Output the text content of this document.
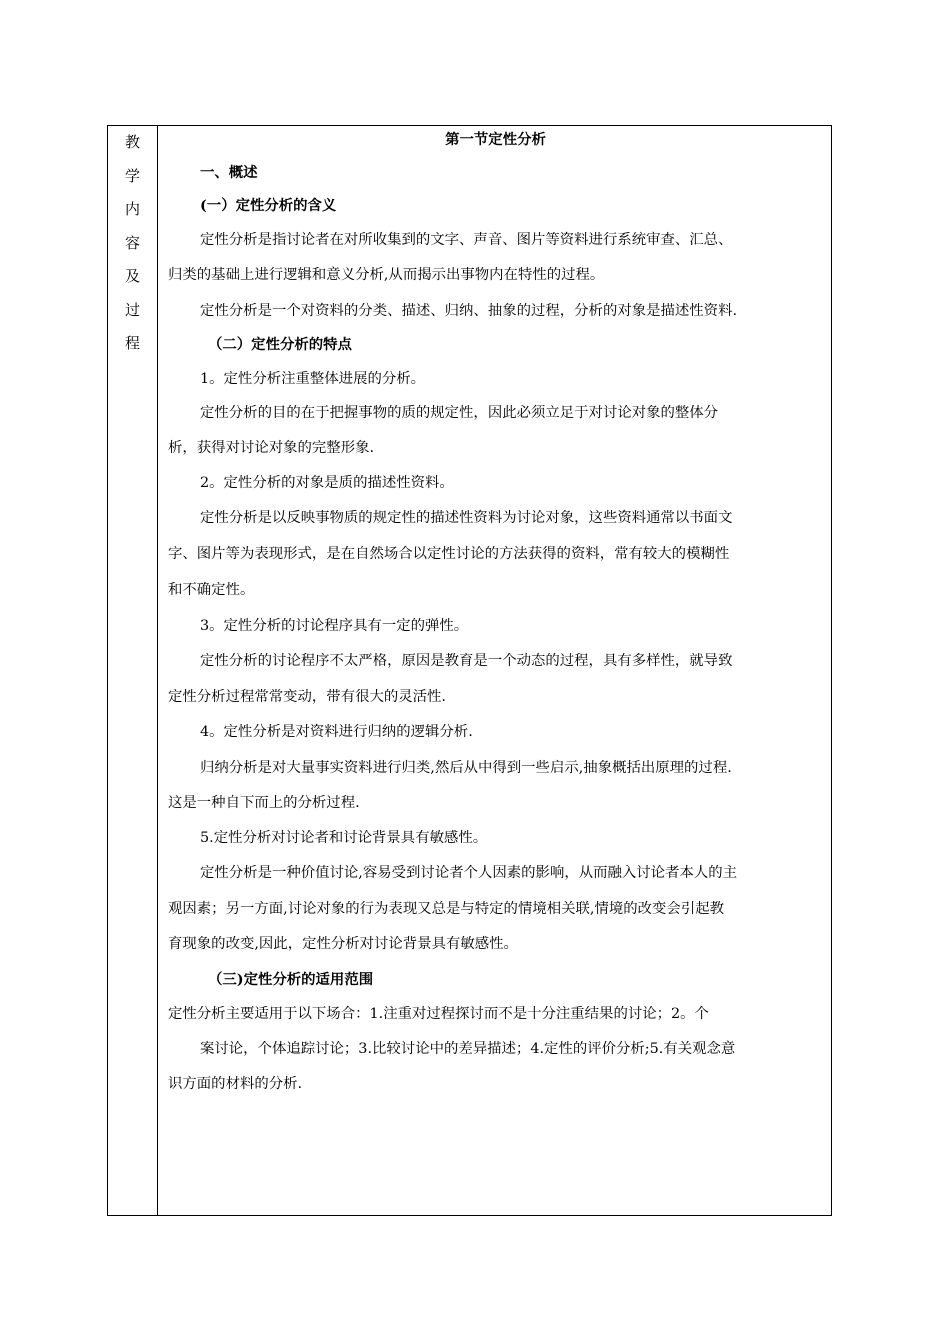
教
学
内
容
及
过
程
第一节定性分析
一、概述
(一）定性分析的含义
定性分析是指讨论者在对所收集到的文字、声音、图片等资料进行系统审查、汇总、
归类的基础上进行逻辑和意义分析,从而揭示出事物内在特性的过程。
定性分析是一个对资料的分类、描述、归纳、抽象的过程，分析的对象是描述性资料.
（二）定性分析的特点
1。定性分析注重整体进展的分析。
定性分析的目的在于把握事物的质的规定性，因此必须立足于对讨论对象的整体分
析，获得对讨论对象的完整形象.
2。定性分析的对象是质的描述性资料。
定性分析是以反映事物质的规定性的描述性资料为讨论对象，这些资料通常以书面文
字、图片等为表现形式，是在自然场合以定性讨论的方法获得的资料，常有较大的模糊性
和不确定性。
3。定性分析的讨论程序具有一定的弹性。
定性分析的讨论程序不太严格，原因是教育是一个动态的过程，具有多样性，就导致
定性分析过程常常变动，带有很大的灵活性.
4。定性分析是对资料进行归纳的逻辑分析.
归纳分析是对大量事实资料进行归类,然后从中得到一些启示,抽象概括出原理的过程.
这是一种自下而上的分析过程.
5.定性分析对讨论者和讨论背景具有敏感性。
定性分析是一种价值讨论,容易受到讨论者个人因素的影响，从而融入讨论者本人的主
观因素；另一方面,讨论对象的行为表现又总是与特定的情境相关联,情境的改变会引起教
育现象的改变,因此，定性分析对讨论背景具有敏感性。
（三)定性分析的适用范围
定性分析主要适用于以下场合：1.注重对过程探讨而不是十分注重结果的讨论；2。个
案讨论，个体追踪讨论；3.比较讨论中的差异描述；4.定性的评价分析;5.有关观念意
识方面的材料的分析.
